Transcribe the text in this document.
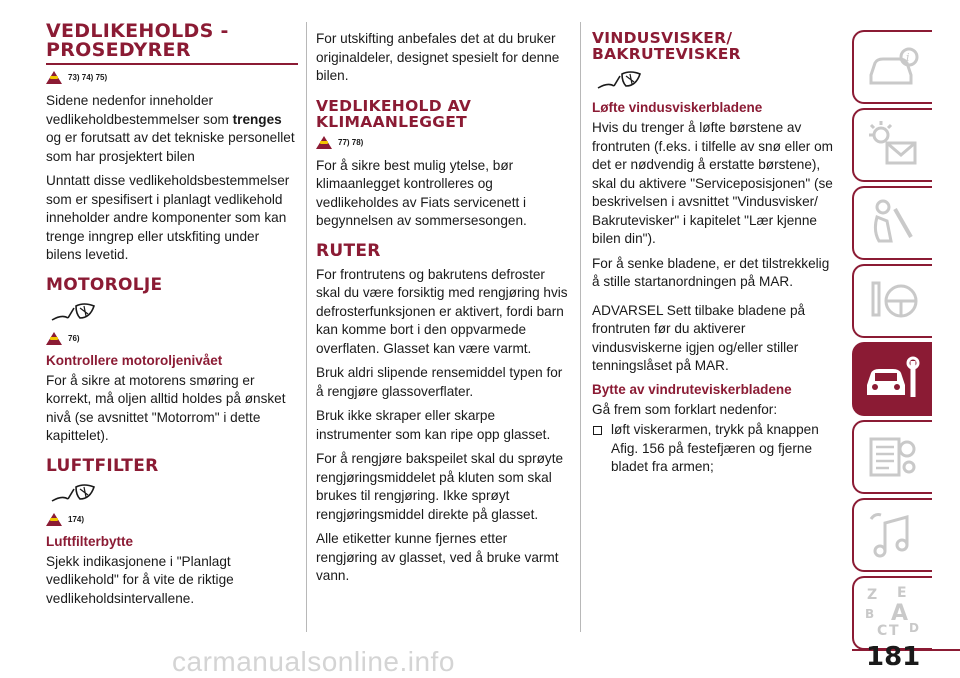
VEDLIKEHOLDS - PROSEDYRER
73) 74) 75)

Sidene nedenfor inneholder vedlikeholdbestemmelser som trenges og er forutsatt av det tekniske personellet som har prosjektert bilen

Unntatt disse vedlikeholdsbestemmelser som er spesifisert i planlagt vedlikehold inneholder andre komponenter som kan trenge inngrep eller utskfiting under bilens levetid.

MOTOROLJE
76)
Kontrollere motoroljenivået

For å sikre at motorens smøring er korrekt, må oljen alltid holdes på ønsket nivå (se avsnittet "Motorrom" i dette kapittelet).

LUFTFILTER
174)
Luftfilterbytte

Sjekk indikasjonene i "Planlagt vedlikehold" for å vite de riktige vedlikeholdsintervallene.

For utskifting anbefales det at du bruker originaldeler, designet spesielt for denne bilen.

VEDLIKEHOLD AV KLIMAANLEGGET
77) 78)

For å sikre best mulig ytelse, bør klimaanlegget kontrolleres og vedlikeholdes av Fiats servicenett i begynnelsen av sommersesongen.

RUTER

For frontrutens og bakrutens defroster skal du være forsiktig med rengjøring hvis defrosterfunksjonen er aktivert, fordi barn kan komme bort i den oppvarmede overflaten. Glasset kan være varmt.

Bruk aldri slipende rensemiddel typen for å rengjøre glassoverflater.

Bruk ikke skraper eller skarpe instrumenter som kan ripe opp glasset.

For å rengjøre bakspeilet skal du sprøyte rengjøringsmiddelet på kluten som skal brukes til rengjøring. Ikke sprøyt rengjøringsmiddel direkte på glasset.

Alle etiketter kunne fjernes etter rengjøring av glasset, ved å bruke varmt vann.

VINDUSVISKER/ BAKRUTEVISKER
Løfte vindusviskerbladene

Hvis du trenger å løfte børstene av frontruten (f.eks. i tilfelle av snø eller om det er nødvendig å erstatte børstene), skal du aktivere "Serviceposisjonen" (se beskrivelsen i avsnittet "Vindusvisker/ Bakrutevisker" i kapitelet "Lær kjenne bilen din").

For å senke bladene, er det tilstrekkelig å stille startanordningen på MAR.

ADVARSEL Sett tilbake bladene på frontruten før du aktiverer vindusviskerne igjen og/eller stiller tenningslåset på MAR.

Bytte av vindruteviskerbladene

Gå frem som forklart nedenfor:

løft viskerarmen, trykk på knappen Afig. 156 på festefjæren og fjerne bladet fra armen;

i
Z E
B A
C T D
181
carmanualsonline.info
